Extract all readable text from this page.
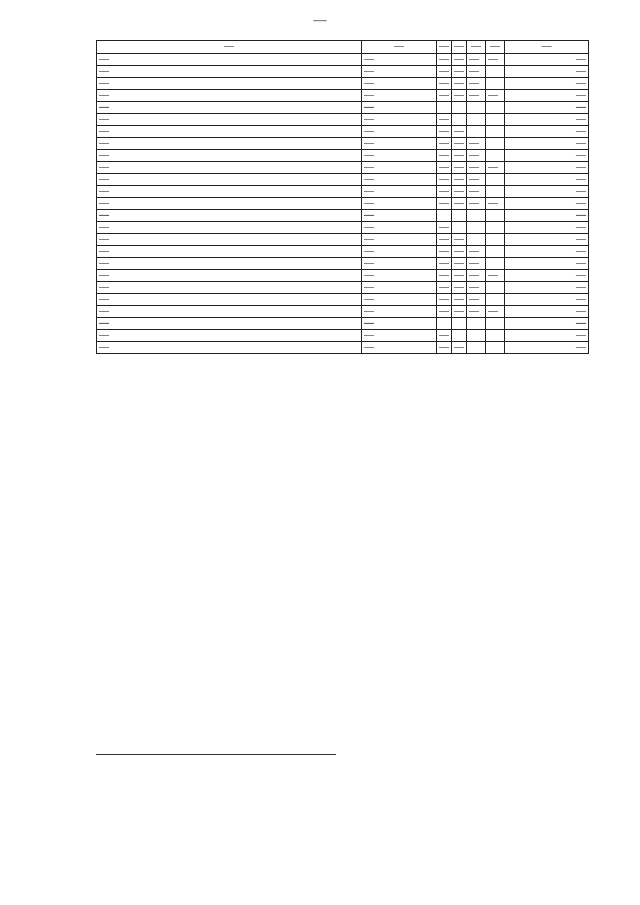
—
—	—	—	—	—	—	—
—	—	—	—	—	—	—
—	—	—	—	—		—
—	—	—	—	—		—
—	—	—	—	—	—	—
—	—					—
—	—	—				—
—	—	—	—			—
—	—	—	—	—		—
—	—	—	—	—		—
—	—	—	—	—	—	—
—	—	—	—	—		—
—	—	—	—	—		—
—	—	—	—	—	—	—
—	—					—
—	—	—				—
—	—	—	—			—
—	—	—	—	—		—
—	—	—	—	—		—
—	—	—	—	—	—	—
—	—	—	—	—		—
—	—	—	—	—		—
—	—	—	—	—	—	—
—	—					—
—	—	—				—
—	—	—	—			—
